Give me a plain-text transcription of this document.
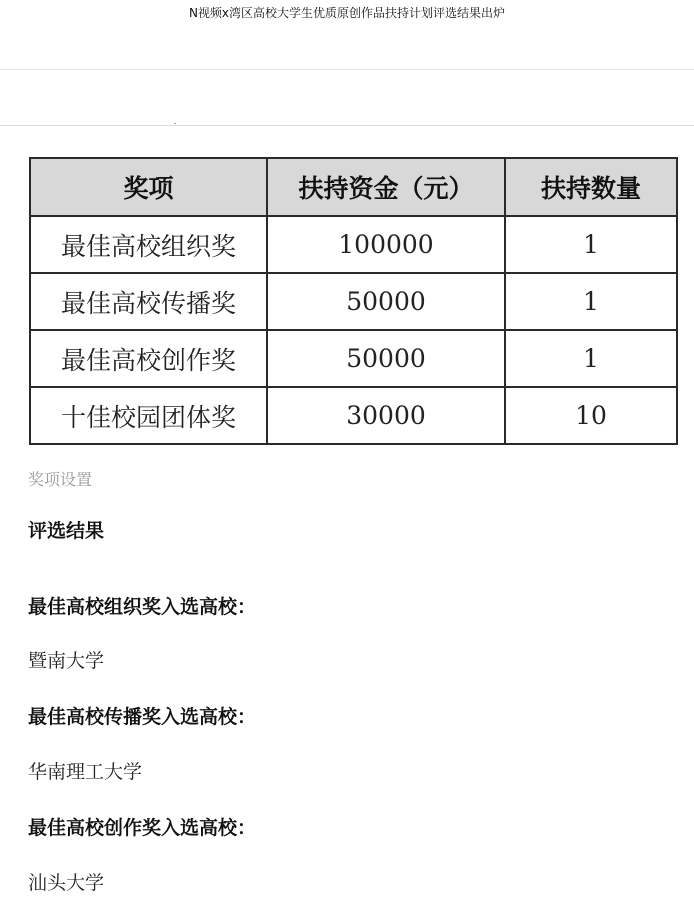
N视频x湾区高校大学生优质原创作品扶持计划评选结果出炉
奖项	扶持资金（元）	扶持数量
最佳高校组织奖	100000	1
最佳高校传播奖	50000	1
最佳高校创作奖	50000	1
十佳校园团体奖	30000	10
奖项设置
评选结果
最佳高校组织奖入选高校：
暨南大学
最佳高校传播奖入选高校：
华南理工大学
最佳高校创作奖入选高校：
汕头大学
